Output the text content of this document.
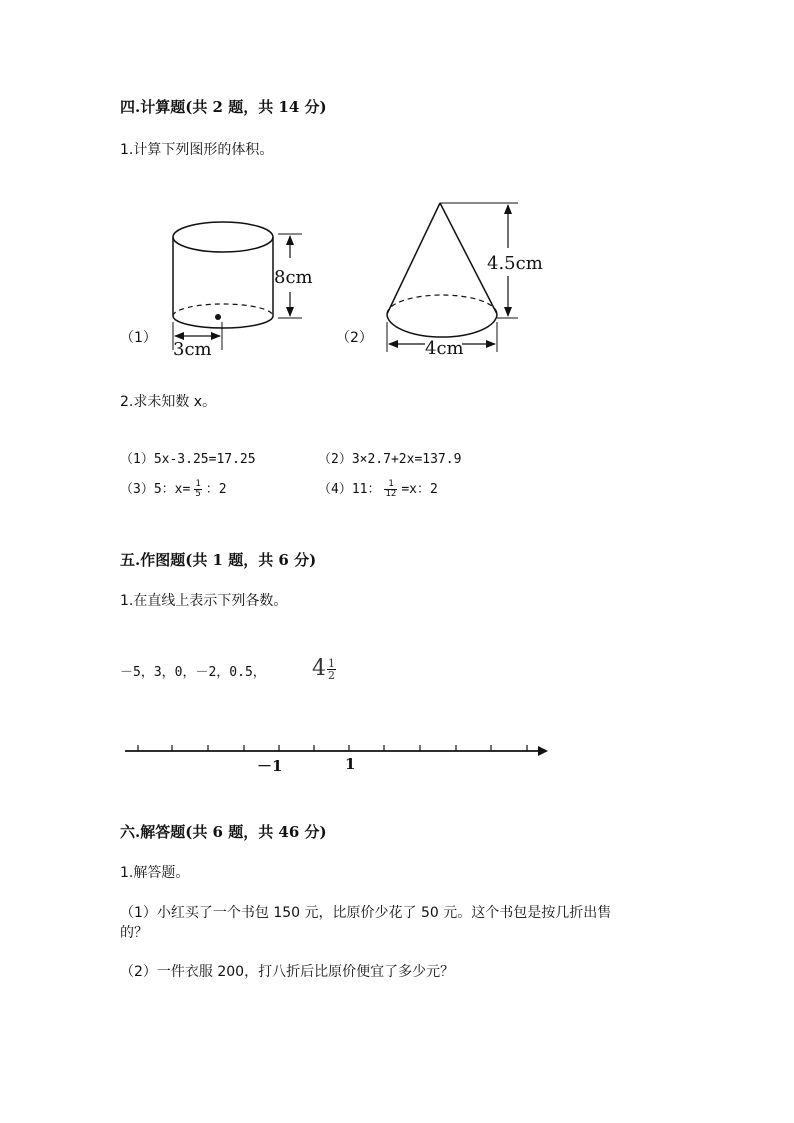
四.计算题(共 2 题，共 14 分)
1.计算下列图形的体积。
（1）
8cm
3cm
（2）
4.5cm
4cm
2.求未知数 x。
（1）5x-3.25=17.25	（2）3×2.7+2x=137.9
（3）5：$x= \frac{1}{5}$ ：2	（4）11： $\frac{1}{12} =x$：2
五.作图题(共 1 题，共 6 分)
1.在直线上表示下列各数。
－5，3，0，－2，0.5， $4 \frac{1}{2}$
－1	1
六.解答题(共 6 题，共 46 分)
1.解答题。
（1）小红买了一个书包 150 元，比原价少花了 50 元。这个书包是按几折出售
的？
（2）一件衣服 200，打八折后比原价便宜了多少元？
